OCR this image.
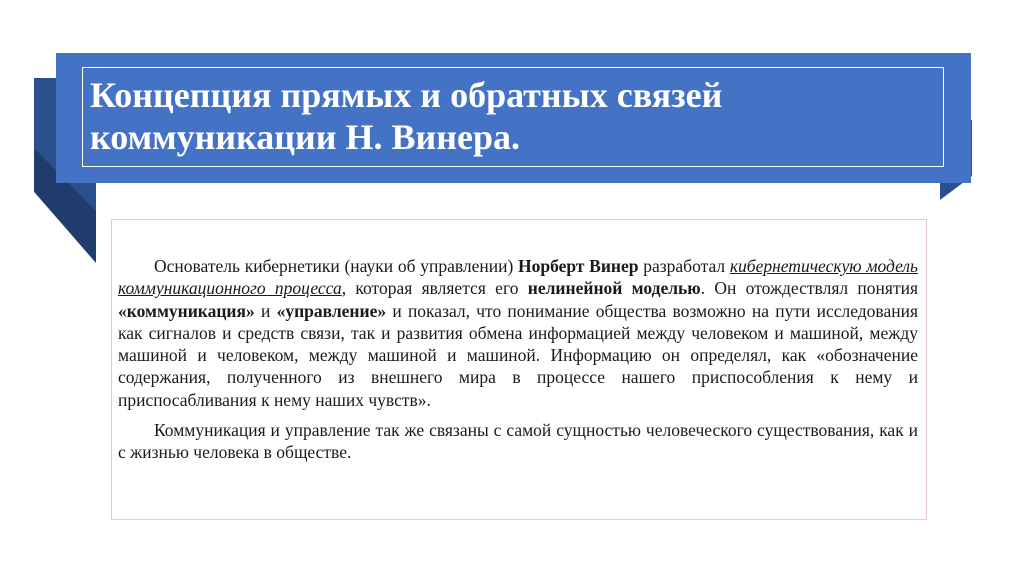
Концепция прямых и обратных связей коммуникации Н. Винера.

Основатель кибернетики (науки об управлении) Норберт Винер разработал кибернетическую модель коммуникационного процесса, которая является его нелинейной моделью. Он отождествлял понятия «коммуникация» и «управление» и показал, что понимание общества возможно на пути исследования как сигналов и средств связи, так и развития обмена информацией между человеком и машиной, между машиной и человеком, между машиной и машиной. Информацию он определял, как «обозначение содержания, полученного из внешнего мира в процессе нашего приспособления к нему и приспосабливания к нему наших чувств».

Коммуникация и управление так же связаны с самой сущностью человеческого существования, как и с жизнью человека в обществе.
